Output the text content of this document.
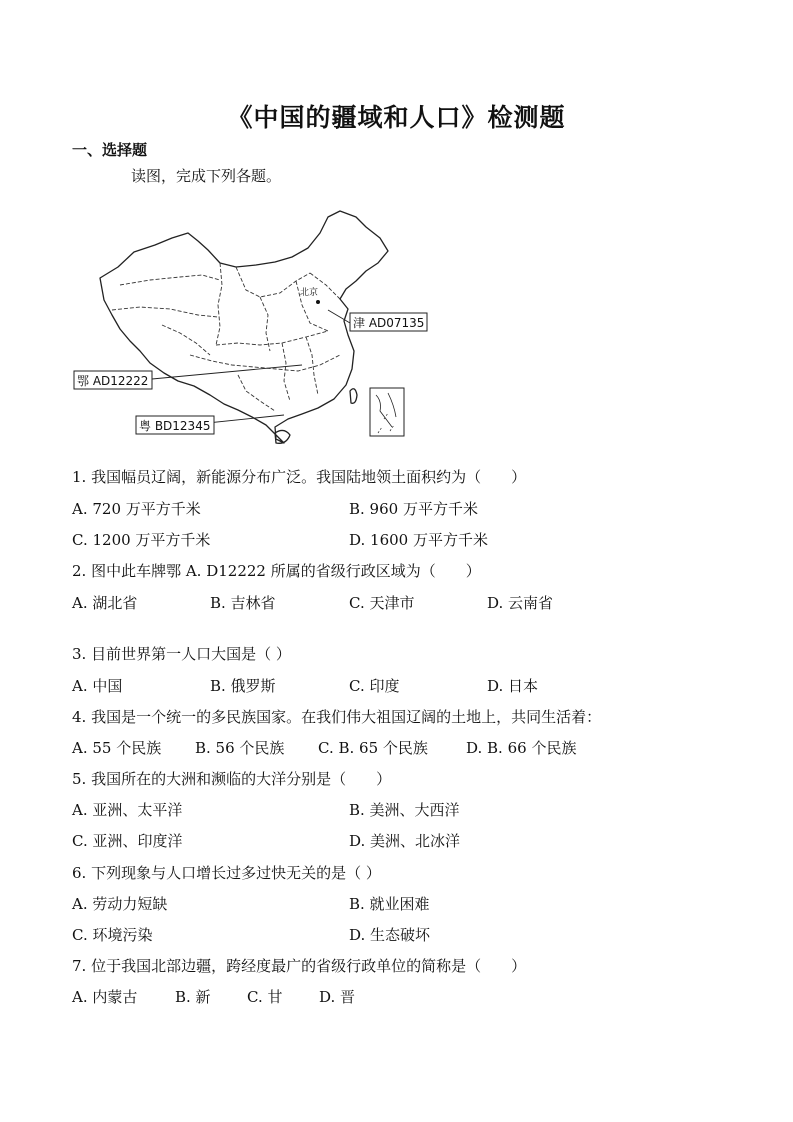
《中国的疆域和人口》检测题
一、选择题
读图，完成下列各题。
北京
津 AD07135
鄂 AD12222
粤 BD12345
1. 我国幅员辽阔，新能源分布广泛。我国陆地领土面积约为（　　）
A. 720 万平方千米	B. 960 万平方千米
C. 1200 万平方千米	D. 1600 万平方千米
2. 图中此车牌鄂 A. D12222 所属的省级行政区域为（　　）
A. 湖北省	B. 吉林省	C. 天津市	D. 云南省
3. 目前世界第一人口大国是（ ）
A. 中国	B. 俄罗斯	C. 印度	D. 日本
4. 我国是一个统一的多民族国家。在我们伟大祖国辽阔的土地上，共同生活着：
A. 55 个民族 B. 56 个民族 C. B. 65 个民族	D. B. 66 个民族
5. 我国所在的大洲和濒临的大洋分别是（　　）
A. 亚洲、太平洋	B. 美洲、大西洋
C. 亚洲、印度洋	D. 美洲、北冰洋
6. 下列现象与人口增长过多过快无关的是（ ）
A. 劳动力短缺	B. 就业困难
C. 环境污染	D. 生态破坏
7. 位于我国北部边疆，跨经度最广的省级行政单位的简称是（　　）
A. 内蒙古	B. 新 C. 甘 D. 晋
